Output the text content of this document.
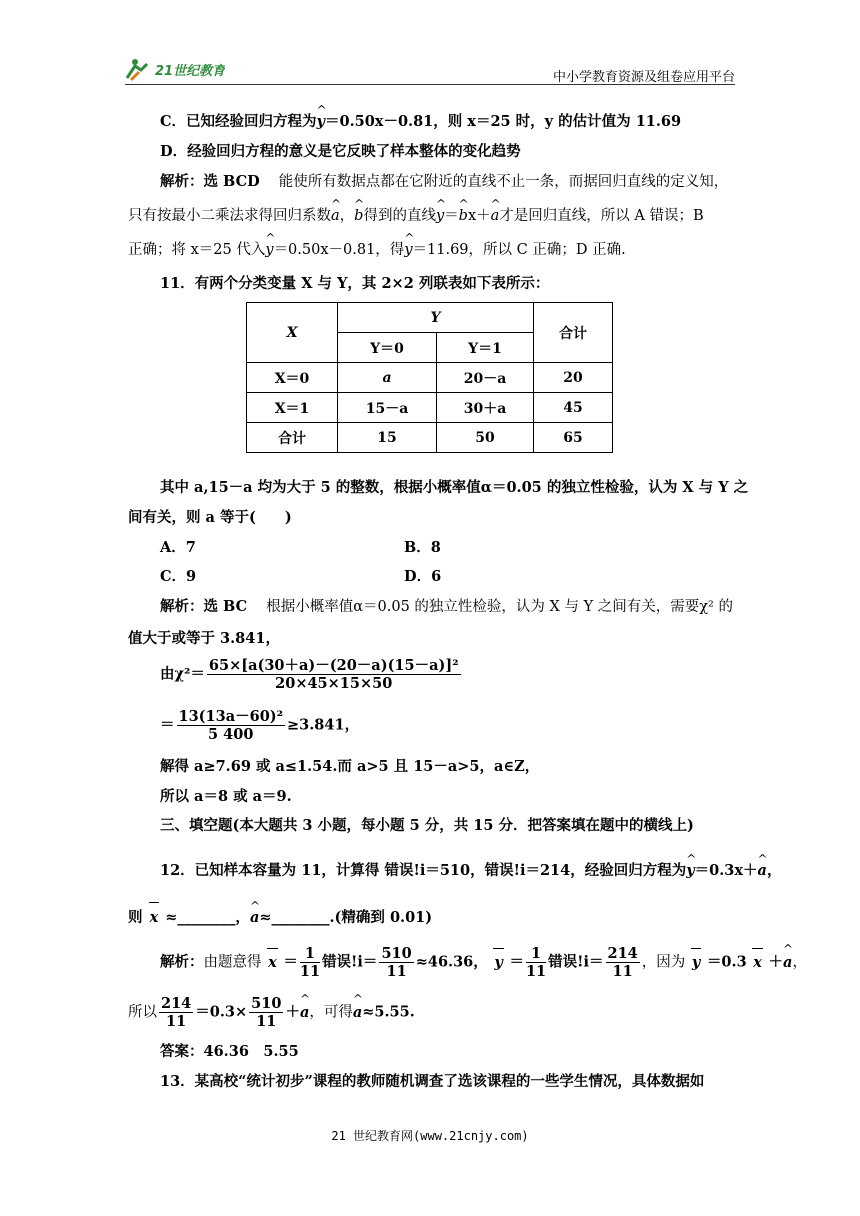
21世纪教育	中小学教育资源及组卷应用平台
C．已知经验回归方程为^ y＝0.50x－0.81，则 x＝25 时，y 的估计值为 11.69
D．经验回归方程的意义是它反映了样本整体的变化趋势
解析：选 BCD　 能使所有数据点都在它附近的直线不止一条，而据回归直线的定义知，
只有按最小二乘法求得回归系数^ a，^ b得到的直线^ y＝^ bx＋^ a才是回归直线，所以 A 错误；B
正确；将 x＝25 代入^ y＝0.50x－0.81，得^ y＝11.69，所以 C 正确；D 正确.
11．有两个分类变量 X 与 Y，其 2×2 列联表如下表所示：
X	Y		合计
	Y＝0	Y＝1	
X＝0	a	20－a	20
X＝1	15－a	30＋a	45
合计	15	50	65
其中 a,15－a 均为大于 5 的整数，根据小概率值α＝0.05 的独立性检验，认为 X 与 Y 之
间有关，则 a 等于(　　)
A．7	B．8
C．9	D．6
解析：选 BC　 根据小概率值α＝0.05 的独立性检验，认为 X 与 Y 之间有关，需要χ² 的
值大于或等于 3.841，
由$\chi^2= \frac{\text{65×[a(30＋a)－(20－a)(15－a)]²}}{20\times 45\times 15\times 50}$
＝ $\frac{\text{13(13a－60)²}}{5 400} \ge 3.841$，
解得 a≥7.69 或 a≤1.54.而 a>5 且 15－a>5，a∈Z，
所以 a＝8 或 a＝9.
三、填空题(本大题共 3 小题，每小题 5 分，共 15 分．把答案填在题中的横线上)
12．已知样本容量为 11，计算得 错误!i＝510，错误!i＝214，经验回归方程为^ y＝0.3x＋^ a，
则 x ≈________，^ a≈________.(精确到 0.01)
解析：由题意得 $x = \frac{1}{11}$ 错误$!i= \frac{510}{11} \approx 46.36$， $y = \frac{1}{11}$ 错误$!i= \frac{214}{11}$ ，因为 y ＝0.3 x ＋^ a，
所以 $\frac{214}{11} =0.3\times \frac{510}{11}$ ＋^ a，可得^ a≈5.55.
答案：46.36　5.55
13．某高校“统计初步”课程的教师随机调查了选该课程的一些学生情况，具体数据如
21 世纪教育网(www.21cnjy.com)
